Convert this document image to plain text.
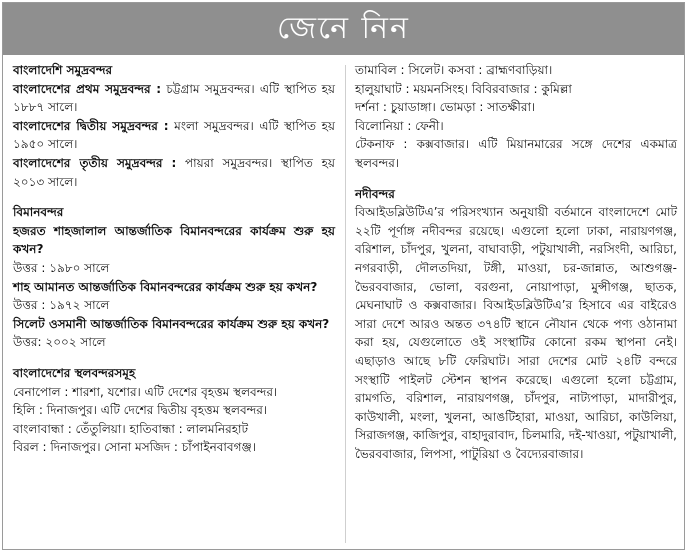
জেনে নিন
বাংলাদেশি সমুদ্রবন্দর

বাংলাদেশের প্রথম সমুদ্রবন্দর : চট্টগ্রাম সমুদ্রবন্দর। এটি স্থাপিত হয় ১৮৮৭ সালে।

বাংলাদেশের দ্বিতীয় সমুদ্রবন্দর : মংলা সমুদ্রবন্দর। এটি স্থাপিত হয় ১৯৫০ সালে।

বাংলাদেশের তৃতীয় সমুদ্রবন্দর : পায়রা সমুদ্রবন্দর। স্থাপিত হয় ২০১৩ সালে।

বিমানবন্দর

হজরত শাহজালাল আন্তর্জাতিক বিমানবন্দরের কার্যক্রম শুরু হয় কখন?

উত্তর : ১৯৮০ সালে

শাহ আমানত আন্তর্জাতিক বিমানবন্দরের কার্যক্রম শুরু হয় কখন?

উত্তর : ১৯৭২ সালে

সিলেট ওসমানী আন্তর্জাতিক বিমানবন্দরের কার্যক্রম শুরু হয় কখন?

উত্তর: ২০০২ সালে

বাংলাদেশের স্থলবন্দরসমূহ

বেনাপোল : শারশা, যশোর। এটি দেশের বৃহত্তম স্থলবন্দর।

হিলি : দিনাজপুর। এটি দেশের দ্বিতীয় বৃহত্তম স্থলবন্দর।

বাংলাবান্ধা : তেঁতুলিয়া। হাতিবান্ধা : লালমনিরহাট

বিরল : দিনাজপুর। সোনা মসজিদ : চাঁপাইনবাবগঞ্জ।

তামাবিল : সিলেট। কসবা : ব্রাহ্মণবাড়িয়া।

হালুয়াঘাট : ময়মনসিংহ। বিবিরবাজার : কুমিল্লা

দর্শনা : চুয়াডাঙ্গা। ভোমড়া : সাতক্ষীরা।

বিলোনিয়া : ফেনী।

টেকনাফ : কক্সবাজার। এটি মিয়ানমারের সঙ্গে দেশের একমাত্র স্থলবন্দর।

নদীবন্দর

বিআইডব্লিউটিএ’র পরিসংখ্যান অনুযায়ী বর্তমানে বাংলাদেশে মোট ২২টি পূর্ণাঙ্গ নদীবন্দর রয়েছে। এগুলো হলো ঢাকা, নারায়ণগঞ্জ, বরিশাল, চাঁদপুর, খুলনা, বাঘাবাড়ী, পটুয়াখালী, নরসিংদী, আরিচা, নগরবাড়ী, দৌলতদিয়া, টঙ্গী, মাওয়া, চর-জান্নাত, আশুগঞ্জ-ভৈরববাজার, ভোলা, বরগুনা, নোয়াপাড়া, মুন্সীগঞ্জ, ছাতক, মেঘনাঘাট ও কক্সবাজার। বিআইডব্লিউটিএ’র হিসাবে এর বাইরেও সারা দেশে আরও অন্তত ৩৭৪টি স্থানে নৌযান থেকে পণ্য ওঠানামা করা হয়, যেগুলোতে ওই সংস্থাটির কোনো রকম স্থাপনা নেই। এছাড়াও আছে ৮টি ফেরিঘাট। সারা দেশের মোট ২৪টি বন্দরে সংস্থাটি পাইলট স্টেশন স্থাপন করেছে। এগুলো হলো চট্টগ্রাম, রামগতি, বরিশাল, নারায়ণগঞ্জ, চাঁদপুর, নাট্যপাড়া, মাদারীপুর, কাউখালী, মংলা, খুলনা, আঙটিহারা, মাওয়া, আরিচা, কাউলিয়া, সিরাজগঞ্জ, কাজিপুর, বাহাদুরাবাদ, চিলমারি, দই-খাওয়া, পটুয়াখালী, ভৈরববাজার, লিপসা, পাটুরিয়া ও বৈদ্যেরবাজার।
